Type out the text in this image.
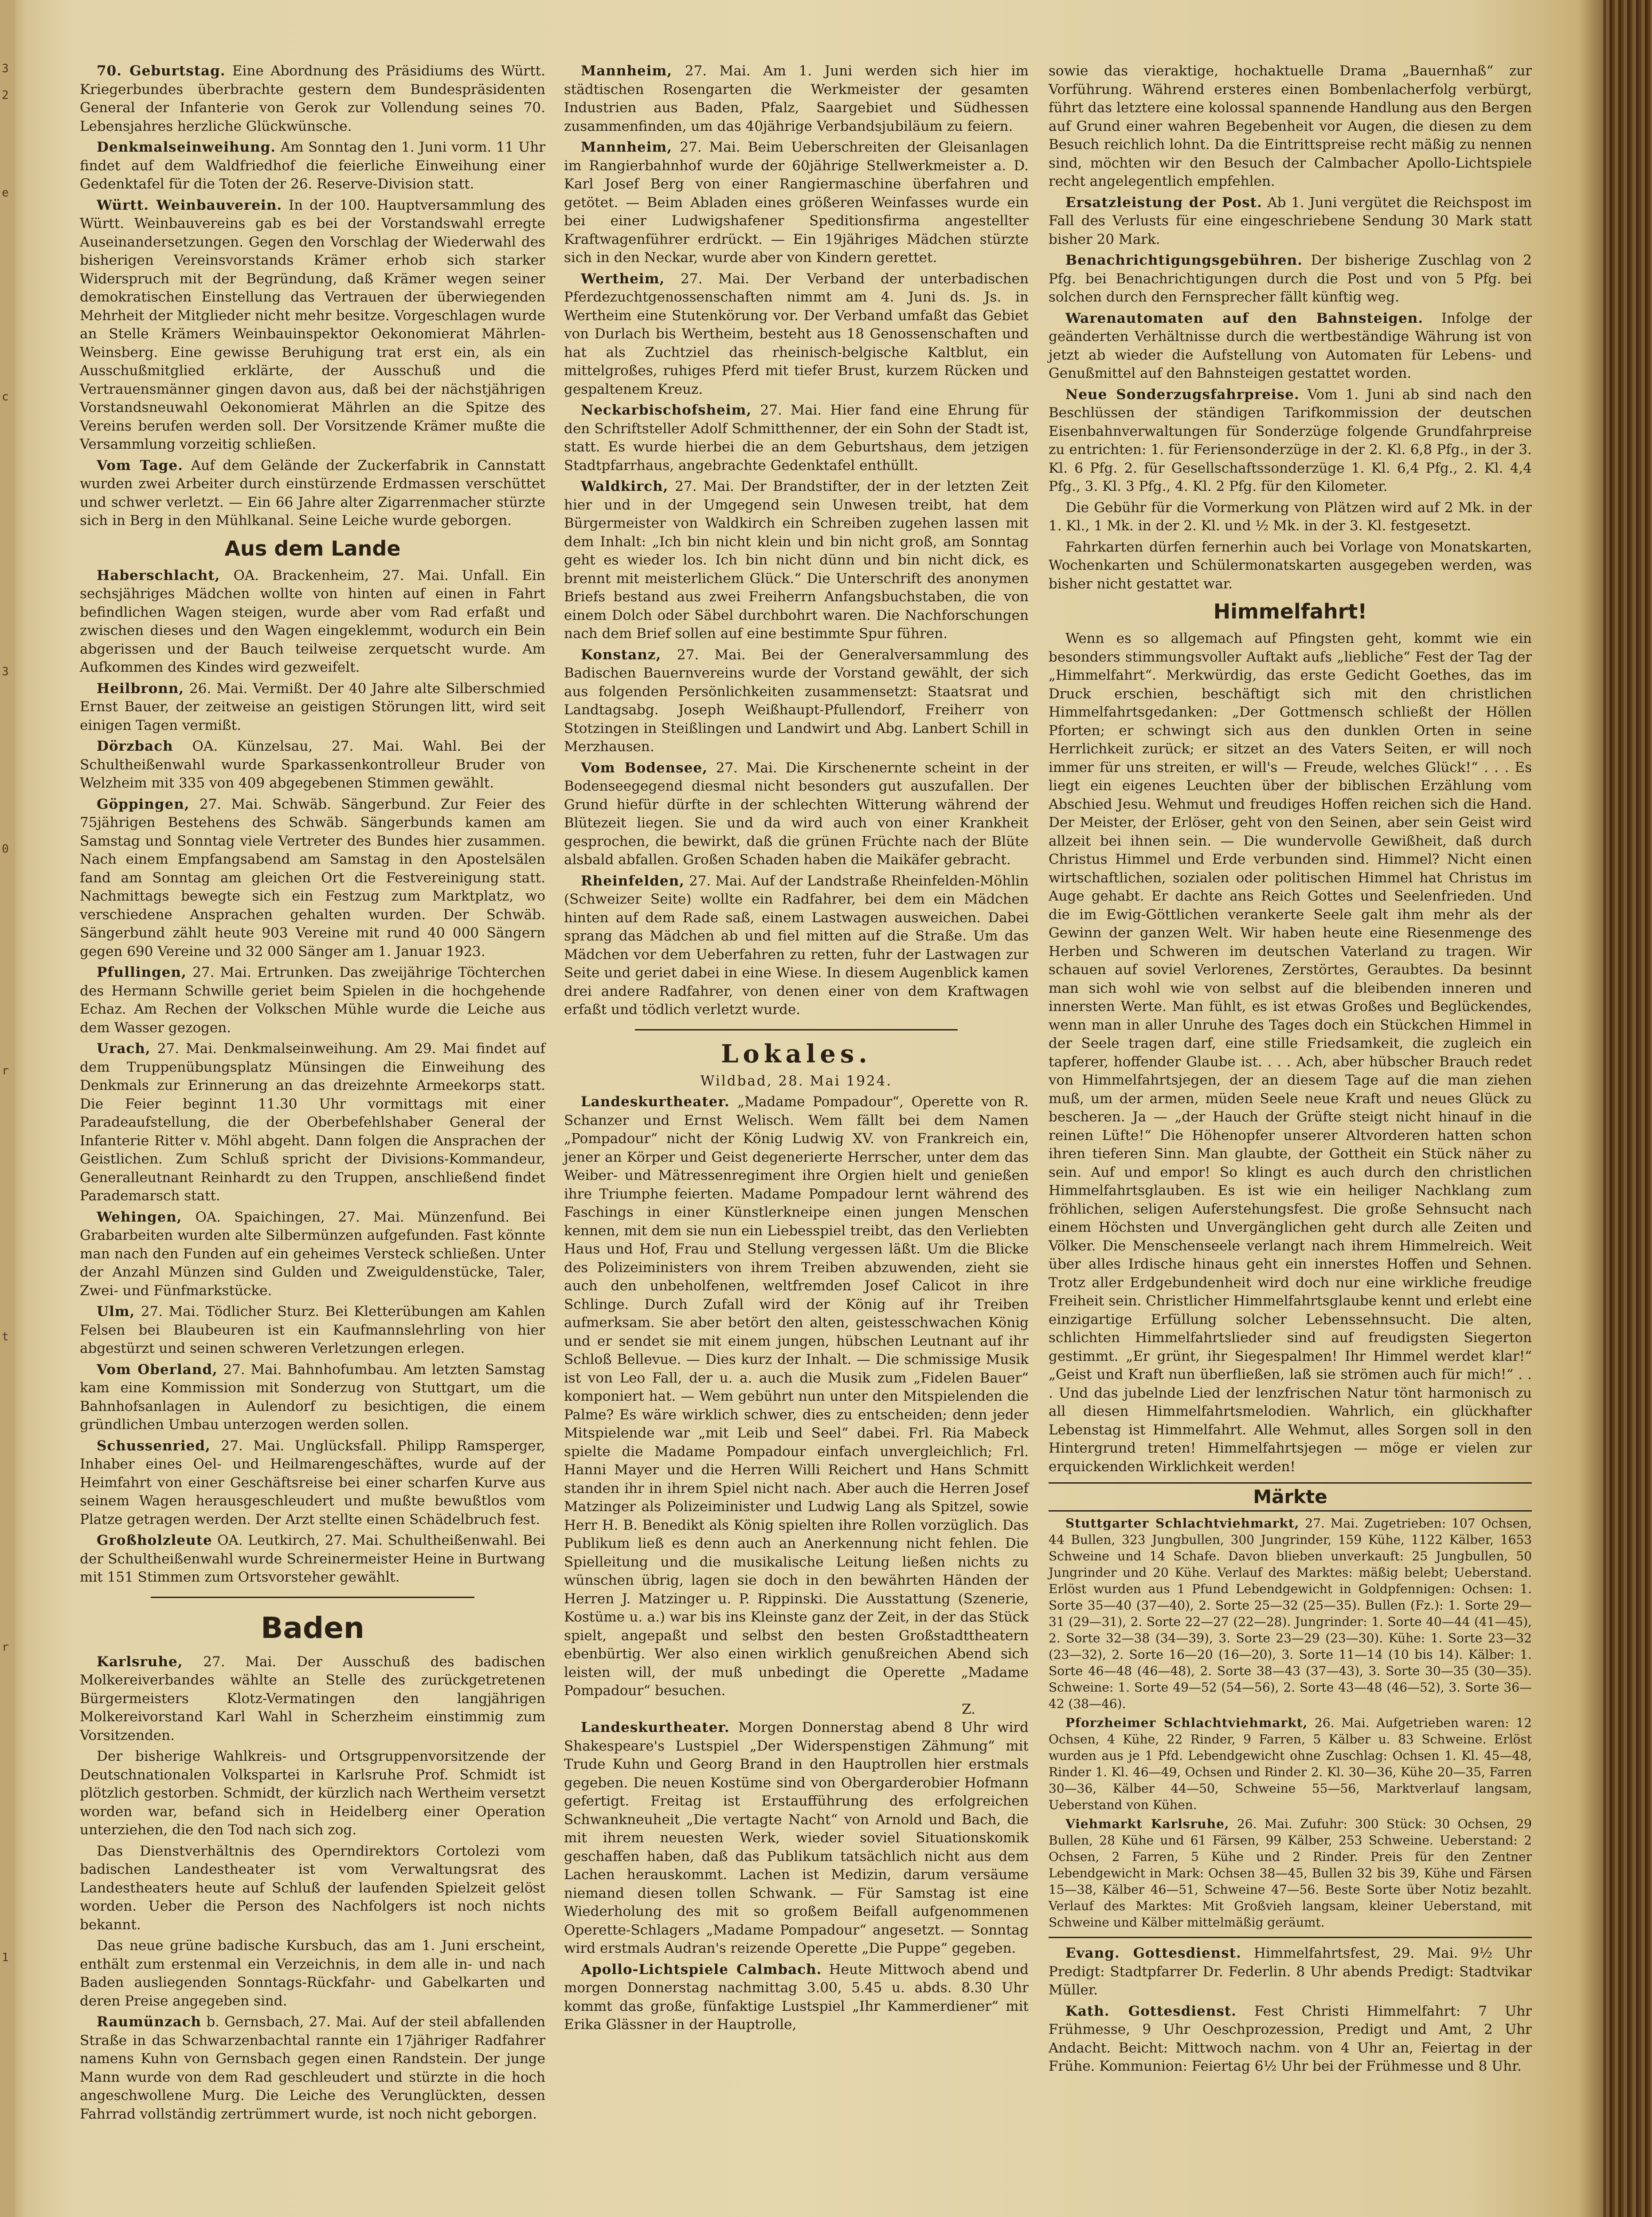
3
2
e
c
3
0
r
t
r
1

70. Geburtstag. Eine Abordnung des Präsidiums des Württ. Kriegerbundes überbrachte gestern dem Bundespräsidenten General der Infanterie von Gerok zur Vollendung seines 70. Lebensjahres herzliche Glückwünsche.

Denkmalseinweihung. Am Sonntag den 1. Juni vorm. 11 Uhr findet auf dem Waldfriedhof die feierliche Einweihung einer Gedenktafel für die Toten der 26. Reserve-Division statt.

Württ. Weinbauverein. In der 100. Hauptversammlung des Württ. Weinbauvereins gab es bei der Vorstandswahl erregte Auseinandersetzungen. Gegen den Vorschlag der Wiederwahl des bisherigen Vereinsvorstands Krämer erhob sich starker Widerspruch mit der Begründung, daß Krämer wegen seiner demokratischen Einstellung das Vertrauen der überwiegenden Mehrheit der Mitglieder nicht mehr besitze. Vorgeschlagen wurde an Stelle Krämers Weinbauinspektor Oekonomierat Mährlen-Weinsberg. Eine gewisse Beruhigung trat erst ein, als ein Ausschußmitglied erklärte, der Ausschuß und die Vertrauensmänner gingen davon aus, daß bei der nächstjährigen Vorstandsneuwahl Oekonomierat Mährlen an die Spitze des Vereins berufen werden soll. Der Vorsitzende Krämer mußte die Versammlung vorzeitig schließen.

Vom Tage. Auf dem Gelände der Zuckerfabrik in Cannstatt wurden zwei Arbeiter durch einstürzende Erdmassen verschüttet und schwer verletzt. — Ein 66 Jahre alter Zigarrenmacher stürzte sich in Berg in den Mühlkanal. Seine Leiche wurde geborgen.

Aus dem Lande

Haberschlacht, OA. Brackenheim, 27. Mai. Unfall. Ein sechsjähriges Mädchen wollte von hinten auf einen in Fahrt befindlichen Wagen steigen, wurde aber vom Rad erfaßt und zwischen dieses und den Wagen eingeklemmt, wodurch ein Bein abgerissen und der Bauch teilweise zerquetscht wurde. Am Aufkommen des Kindes wird gezweifelt.

Heilbronn, 26. Mai. Vermißt. Der 40 Jahre alte Silberschmied Ernst Bauer, der zeitweise an geistigen Störungen litt, wird seit einigen Tagen vermißt.

Dörzbach OA. Künzelsau, 27. Mai. Wahl. Bei der Schultheißenwahl wurde Sparkassenkontrolleur Bruder von Welzheim mit 335 von 409 abgegebenen Stimmen gewählt.

Göppingen, 27. Mai. Schwäb. Sängerbund. Zur Feier des 75jährigen Bestehens des Schwäb. Sängerbunds kamen am Samstag und Sonntag viele Vertreter des Bundes hier zusammen. Nach einem Empfangsabend am Samstag in den Apostelsälen fand am Sonntag am gleichen Ort die Festvereinigung statt. Nachmittags bewegte sich ein Festzug zum Marktplatz, wo verschiedene Ansprachen gehalten wurden. Der Schwäb. Sängerbund zählt heute 903 Vereine mit rund 40 000 Sängern gegen 690 Vereine und 32 000 Sänger am 1. Januar 1923.

Pfullingen, 27. Mai. Ertrunken. Das zweijährige Töchterchen des Hermann Schwille geriet beim Spielen in die hochgehende Echaz. Am Rechen der Volkschen Mühle wurde die Leiche aus dem Wasser gezogen.

Urach, 27. Mai. Denkmalseinweihung. Am 29. Mai findet auf dem Truppenübungsplatz Münsingen die Einweihung des Denkmals zur Erinnerung an das dreizehnte Armeekorps statt. Die Feier beginnt 11.30 Uhr vormittags mit einer Paradeaufstellung, die der Oberbefehlshaber General der Infanterie Ritter v. Möhl abgeht. Dann folgen die Ansprachen der Geistlichen. Zum Schluß spricht der Divisions-Kommandeur, Generalleutnant Reinhardt zu den Truppen, anschließend findet Parademarsch statt.

Wehingen, OA. Spaichingen, 27. Mai. Münzenfund. Bei Grabarbeiten wurden alte Silbermünzen aufgefunden. Fast könnte man nach den Funden auf ein geheimes Versteck schließen. Unter der Anzahl Münzen sind Gulden und Zweiguldenstücke, Taler, Zwei- und Fünfmarkstücke.

Ulm, 27. Mai. Tödlicher Sturz. Bei Kletterübungen am Kahlen Felsen bei Blaubeuren ist ein Kaufmannslehrling von hier abgestürzt und seinen schweren Verletzungen erlegen.

Vom Oberland, 27. Mai. Bahnhofumbau. Am letzten Samstag kam eine Kommission mit Sonderzug von Stuttgart, um die Bahnhofsanlagen in Aulendorf zu besichtigen, die einem gründlichen Umbau unterzogen werden sollen.

Schussenried, 27. Mai. Unglücksfall. Philipp Ramsperger, Inhaber eines Oel- und Heilmarengeschäftes, wurde auf der Heimfahrt von einer Geschäftsreise bei einer scharfen Kurve aus seinem Wagen herausgeschleudert und mußte bewußtlos vom Platze getragen werden. Der Arzt stellte einen Schädelbruch fest.

Großholzleute OA. Leutkirch, 27. Mai. Schultheißenwahl. Bei der Schultheißenwahl wurde Schreinermeister Heine in Burtwang mit 151 Stimmen zum Ortsvorsteher gewählt.

Baden

Karlsruhe, 27. Mai. Der Ausschuß des badischen Molkereiverbandes wählte an Stelle des zurückgetretenen Bürgermeisters Klotz-Vermatingen den langjährigen Molkereivorstand Karl Wahl in Scherzheim einstimmig zum Vorsitzenden.

Der bisherige Wahlkreis- und Ortsgruppenvorsitzende der Deutschnationalen Volkspartei in Karlsruhe Prof. Schmidt ist plötzlich gestorben. Schmidt, der kürzlich nach Wertheim versetzt worden war, befand sich in Heidelberg einer Operation unterziehen, die den Tod nach sich zog.

Das Dienstverhältnis des Operndirektors Cortolezi vom badischen Landestheater ist vom Verwaltungsrat des Landestheaters heute auf Schluß der laufenden Spielzeit gelöst worden. Ueber die Person des Nachfolgers ist noch nichts bekannt.

Das neue grüne badische Kursbuch, das am 1. Juni erscheint, enthält zum erstenmal ein Verzeichnis, in dem alle in- und nach Baden ausliegenden Sonntags-Rückfahr- und Gabelkarten und deren Preise angegeben sind.

Raumünzach b. Gernsbach, 27. Mai. Auf der steil abfallenden Straße in das Schwarzenbachtal rannte ein 17jähriger Radfahrer namens Kuhn von Gernsbach gegen einen Randstein. Der junge Mann wurde von dem Rad geschleudert und stürzte in die hoch angeschwollene Murg. Die Leiche des Verunglückten, dessen Fahrrad vollständig zertrümmert wurde, ist noch nicht geborgen.

Mannheim, 27. Mai. Am 1. Juni werden sich hier im städtischen Rosengarten die Werkmeister der gesamten Industrien aus Baden, Pfalz, Saargebiet und Südhessen zusammenfinden, um das 40jährige Verbandsjubiläum zu feiern.

Mannheim, 27. Mai. Beim Ueberschreiten der Gleisanlagen im Rangierbahnhof wurde der 60jährige Stellwerkmeister a. D. Karl Josef Berg von einer Rangiermaschine überfahren und getötet. — Beim Abladen eines größeren Weinfasses wurde ein bei einer Ludwigshafener Speditionsfirma angestellter Kraftwagenführer erdrückt. — Ein 19jähriges Mädchen stürzte sich in den Neckar, wurde aber von Kindern gerettet.

Wertheim, 27. Mai. Der Verband der unterbadischen Pferdezuchtgenossenschaften nimmt am 4. Juni ds. Js. in Wertheim eine Stutenkörung vor. Der Verband umfaßt das Gebiet von Durlach bis Wertheim, besteht aus 18 Genossenschaften und hat als Zuchtziel das rheinisch-belgische Kaltblut, ein mittelgroßes, ruhiges Pferd mit tiefer Brust, kurzem Rücken und gespaltenem Kreuz.

Neckarbischofsheim, 27. Mai. Hier fand eine Ehrung für den Schriftsteller Adolf Schmitthenner, der ein Sohn der Stadt ist, statt. Es wurde hierbei die an dem Geburtshaus, dem jetzigen Stadtpfarrhaus, angebrachte Gedenktafel enthüllt.

Waldkirch, 27. Mai. Der Brandstifter, der in der letzten Zeit hier und in der Umgegend sein Unwesen treibt, hat dem Bürgermeister von Waldkirch ein Schreiben zugehen lassen mit dem Inhalt: „Ich bin nicht klein und bin nicht groß, am Sonntag geht es wieder los. Ich bin nicht dünn und bin nicht dick, es brennt mit meisterlichem Glück.“ Die Unterschrift des anonymen Briefs bestand aus zwei Freiherrn Anfangsbuchstaben, die von einem Dolch oder Säbel durchbohrt waren. Die Nachforschungen nach dem Brief sollen auf eine bestimmte Spur führen.

Konstanz, 27. Mai. Bei der Generalversammlung des Badischen Bauernvereins wurde der Vorstand gewählt, der sich aus folgenden Persönlichkeiten zusammensetzt: Staatsrat und Landtagsabg. Joseph Weißhaupt-Pfullendorf, Freiherr von Stotzingen in Steißlingen und Landwirt und Abg. Lanbert Schill in Merzhausen.

Vom Bodensee, 27. Mai. Die Kirschenernte scheint in der Bodenseegegend diesmal nicht besonders gut auszufallen. Der Grund hiefür dürfte in der schlechten Witterung während der Blütezeit liegen. Sie und da wird auch von einer Krankheit gesprochen, die bewirkt, daß die grünen Früchte nach der Blüte alsbald abfallen. Großen Schaden haben die Maikäfer gebracht.

Rheinfelden, 27. Mai. Auf der Landstraße Rheinfelden-Möhlin (Schweizer Seite) wollte ein Radfahrer, bei dem ein Mädchen hinten auf dem Rade saß, einem Lastwagen ausweichen. Dabei sprang das Mädchen ab und fiel mitten auf die Straße. Um das Mädchen vor dem Ueberfahren zu retten, fuhr der Lastwagen zur Seite und geriet dabei in eine Wiese. In diesem Augenblick kamen drei andere Radfahrer, von denen einer von dem Kraftwagen erfaßt und tödlich verletzt wurde.

Lokales.
Wildbad, 28. Mai 1924.

Landeskurtheater. „Madame Pompadour“, Operette von R. Schanzer und Ernst Welisch. Wem fällt bei dem Namen „Pompadour“ nicht der König Ludwig XV. von Frankreich ein, jener an Körper und Geist degenerierte Herrscher, unter dem das Weiber- und Mätressenregiment ihre Orgien hielt und genießen ihre Triumphe feierten. Madame Pompadour lernt während des Faschings in einer Künstlerkneipe einen jungen Menschen kennen, mit dem sie nun ein Liebesspiel treibt, das den Verliebten Haus und Hof, Frau und Stellung vergessen läßt. Um die Blicke des Polizeiministers von ihrem Treiben abzuwenden, zieht sie auch den unbeholfenen, weltfremden Josef Calicot in ihre Schlinge. Durch Zufall wird der König auf ihr Treiben aufmerksam. Sie aber betört den alten, geistesschwachen König und er sendet sie mit einem jungen, hübschen Leutnant auf ihr Schloß Bellevue. — Dies kurz der Inhalt. — Die schmissige Musik ist von Leo Fall, der u. a. auch die Musik zum „Fidelen Bauer“ komponiert hat. — Wem gebührt nun unter den Mitspielenden die Palme? Es wäre wirklich schwer, dies zu entscheiden; denn jeder Mitspielende war „mit Leib und Seel“ dabei. Frl. Ria Mabeck spielte die Madame Pompadour einfach unvergleichlich; Frl. Hanni Mayer und die Herren Willi Reichert und Hans Schmitt standen ihr in ihrem Spiel nicht nach. Aber auch die Herren Josef Matzinger als Polizeiminister und Ludwig Lang als Spitzel, sowie Herr H. B. Benedikt als König spielten ihre Rollen vorzüglich. Das Publikum ließ es denn auch an Anerkennung nicht fehlen. Die Spielleitung und die musikalische Leitung ließen nichts zu wünschen übrig, lagen sie doch in den bewährten Händen der Herren J. Matzinger u. P. Rippinski. Die Ausstattung (Szenerie, Kostüme u. a.) war bis ins Kleinste ganz der Zeit, in der das Stück spielt, angepaßt und selbst den besten Großstadttheatern ebenbürtig. Wer also einen wirklich genußreichen Abend sich leisten will, der muß unbedingt die Operette „Madame Pompadour“ besuchen.

Z.

Landeskurtheater. Morgen Donnerstag abend 8 Uhr wird Shakespeare's Lustspiel „Der Widerspenstigen Zähmung“ mit Trude Kuhn und Georg Brand in den Hauptrollen hier erstmals gegeben. Die neuen Kostüme sind von Obergarderobier Hofmann gefertigt. Freitag ist Erstaufführung des erfolgreichen Schwankneuheit „Die vertagte Nacht“ von Arnold und Bach, die mit ihrem neuesten Werk, wieder soviel Situationskomik geschaffen haben, daß das Publikum tatsächlich nicht aus dem Lachen herauskommt. Lachen ist Medizin, darum versäume niemand diesen tollen Schwank. — Für Samstag ist eine Wiederholung des mit so großem Beifall aufgenommenen Operette-Schlagers „Madame Pompadour“ angesetzt. — Sonntag wird erstmals Audran's reizende Operette „Die Puppe“ gegeben.

Apollo-Lichtspiele Calmbach. Heute Mittwoch abend und morgen Donnerstag nachmittag 3.00, 5.45 u. abds. 8.30 Uhr kommt das große, fünfaktige Lustspiel „Ihr Kammerdiener“ mit Erika Glässner in der Hauptrolle,

sowie das vieraktige, hochaktuelle Drama „Bauernhaß“ zur Vorführung. Während ersteres einen Bombenlacherfolg verbürgt, führt das letztere eine kolossal spannende Handlung aus den Bergen auf Grund einer wahren Begebenheit vor Augen, die diesen zu dem Besuch reichlich lohnt. Da die Eintrittspreise recht mäßig zu nennen sind, möchten wir den Besuch der Calmbacher Apollo-Lichtspiele recht angelegentlich empfehlen.

Ersatzleistung der Post. Ab 1. Juni vergütet die Reichspost im Fall des Verlusts für eine eingeschriebene Sendung 30 Mark statt bisher 20 Mark.

Benachrichtigungsgebühren. Der bisherige Zuschlag von 2 Pfg. bei Benachrichtigungen durch die Post und von 5 Pfg. bei solchen durch den Fernsprecher fällt künftig weg.

Warenautomaten auf den Bahnsteigen. Infolge der geänderten Verhältnisse durch die wertbeständige Währung ist von jetzt ab wieder die Aufstellung von Automaten für Lebens- und Genußmittel auf den Bahnsteigen gestattet worden.

Neue Sonderzugsfahrpreise. Vom 1. Juni ab sind nach den Beschlüssen der ständigen Tarifkommission der deutschen Eisenbahnverwaltungen für Sonderzüge folgende Grundfahrpreise zu entrichten: 1. für Feriensonderzüge in der 2. Kl. 6,8 Pfg., in der 3. Kl. 6 Pfg. 2. für Gesellschaftssonderzüge 1. Kl. 6,4 Pfg., 2. Kl. 4,4 Pfg., 3. Kl. 3 Pfg., 4. Kl. 2 Pfg. für den Kilometer.

Die Gebühr für die Vormerkung von Plätzen wird auf 2 Mk. in der 1. Kl., 1 Mk. in der 2. Kl. und ½ Mk. in der 3. Kl. festgesetzt.

Fahrkarten dürfen fernerhin auch bei Vorlage von Monatskarten, Wochenkarten und Schülermonatskarten ausgegeben werden, was bisher nicht gestattet war.

Himmelfahrt!

Wenn es so allgemach auf Pfingsten geht, kommt wie ein besonders stimmungsvoller Auftakt aufs „liebliche“ Fest der Tag der „Himmelfahrt“. Merkwürdig, das erste Gedicht Goethes, das im Druck erschien, beschäftigt sich mit den christlichen Himmelfahrtsgedanken: „Der Gottmensch schließt der Höllen Pforten; er schwingt sich aus den dunklen Orten in seine Herrlichkeit zurück; er sitzet an des Vaters Seiten, er will noch immer für uns streiten, er will's — Freude, welches Glück!“ . . . Es liegt ein eigenes Leuchten über der biblischen Erzählung vom Abschied Jesu. Wehmut und freudiges Hoffen reichen sich die Hand. Der Meister, der Erlöser, geht von den Seinen, aber sein Geist wird allzeit bei ihnen sein. — Die wundervolle Gewißheit, daß durch Christus Himmel und Erde verbunden sind. Himmel? Nicht einen wirtschaftlichen, sozialen oder politischen Himmel hat Christus im Auge gehabt. Er dachte ans Reich Gottes und Seelenfrieden. Und die im Ewig-Göttlichen verankerte Seele galt ihm mehr als der Gewinn der ganzen Welt. Wir haben heute eine Riesenmenge des Herben und Schweren im deutschen Vaterland zu tragen. Wir schauen auf soviel Verlorenes, Zerstörtes, Geraubtes. Da besinnt man sich wohl wie von selbst auf die bleibenden inneren und innersten Werte. Man fühlt, es ist etwas Großes und Beglückendes, wenn man in aller Unruhe des Tages doch ein Stückchen Himmel in der Seele tragen darf, eine stille Friedsamkeit, die zugleich ein tapferer, hoffender Glaube ist. . . . Ach, aber hübscher Brauch redet von Himmelfahrtsjegen, der an diesem Tage auf die man ziehen muß, um der armen, müden Seele neue Kraft und neues Glück zu bescheren. Ja — „der Hauch der Grüfte steigt nicht hinauf in die reinen Lüfte!“ Die Höhenopfer unserer Altvorderen hatten schon ihren tieferen Sinn. Man glaubte, der Gottheit ein Stück näher zu sein. Auf und empor! So klingt es auch durch den christlichen Himmelfahrtsglauben. Es ist wie ein heiliger Nachklang zum fröhlichen, seligen Auferstehungsfest. Die große Sehnsucht nach einem Höchsten und Unvergänglichen geht durch alle Zeiten und Völker. Die Menschenseele verlangt nach ihrem Himmelreich. Weit über alles Irdische hinaus geht ein innerstes Hoffen und Sehnen. Trotz aller Erdgebundenheit wird doch nur eine wirkliche freudige Freiheit sein. Christlicher Himmelfahrtsglaube kennt und erlebt eine einzigartige Erfüllung solcher Lebenssehnsucht. Die alten, schlichten Himmelfahrtslieder sind auf freudigsten Siegerton gestimmt. „Er grünt, ihr Siegespalmen! Ihr Himmel werdet klar!“ „Geist und Kraft nun überfließen, laß sie strömen auch für mich!“ . . . Und das jubelnde Lied der lenzfrischen Natur tönt harmonisch zu all diesen Himmelfahrtsmelodien. Wahrlich, ein glückhafter Lebenstag ist Himmelfahrt. Alle Wehmut, alles Sorgen soll in den Hintergrund treten! Himmelfahrtsjegen — möge er vielen zur erquickenden Wirklichkeit werden!

Märkte

Stuttgarter Schlachtviehmarkt, 27. Mai. Zugetrieben: 107 Ochsen, 44 Bullen, 323 Jungbullen, 300 Jungrinder, 159 Kühe, 1122 Kälber, 1653 Schweine und 14 Schafe. Davon blieben unverkauft: 25 Jungbullen, 50 Jungrinder und 20 Kühe. Verlauf des Marktes: mäßig belebt; Ueberstand. Erlöst wurden aus 1 Pfund Lebendgewicht in Goldpfennigen: Ochsen: 1. Sorte 35—40 (37—40), 2. Sorte 25—32 (25—35). Bullen (Fz.): 1. Sorte 29—31 (29—31), 2. Sorte 22—27 (22—28). Jungrinder: 1. Sorte 40—44 (41—45), 2. Sorte 32—38 (34—39), 3. Sorte 23—29 (23—30). Kühe: 1. Sorte 23—32 (23—32), 2. Sorte 16—20 (16—20), 3. Sorte 11—14 (10 bis 14). Kälber: 1. Sorte 46—48 (46—48), 2. Sorte 38—43 (37—43), 3. Sorte 30—35 (30—35). Schweine: 1. Sorte 49—52 (54—56), 2. Sorte 43—48 (46—52), 3. Sorte 36—42 (38—46).

Pforzheimer Schlachtviehmarkt, 26. Mai. Aufgetrieben waren: 12 Ochsen, 4 Kühe, 22 Rinder, 9 Farren, 5 Kälber u. 83 Schweine. Erlöst wurden aus je 1 Pfd. Lebendgewicht ohne Zuschlag: Ochsen 1. Kl. 45—48, Rinder 1. Kl. 46—49, Ochsen und Rinder 2. Kl. 30—36, Kühe 20—35, Farren 30—36, Kälber 44—50, Schweine 55—56, Marktverlauf langsam, Ueberstand von Kühen.

Viehmarkt Karlsruhe, 26. Mai. Zufuhr: 300 Stück: 30 Ochsen, 29 Bullen, 28 Kühe und 61 Färsen, 99 Kälber, 253 Schweine. Ueberstand: 2 Ochsen, 2 Farren, 5 Kühe und 2 Rinder. Preis für den Zentner Lebendgewicht in Mark: Ochsen 38—45, Bullen 32 bis 39, Kühe und Färsen 15—38, Kälber 46—51, Schweine 47—56. Beste Sorte über Notiz bezahlt. Verlauf des Marktes: Mit Großvieh langsam, kleiner Ueberstand, mit Schweine und Kälber mittelmäßig geräumt.

Evang. Gottesdienst. Himmelfahrtsfest, 29. Mai. 9½ Uhr Predigt: Stadtpfarrer Dr. Federlin. 8 Uhr abends Predigt: Stadtvikar Müller.

Kath. Gottesdienst. Fest Christi Himmelfahrt: 7 Uhr Frühmesse, 9 Uhr Oeschprozession, Predigt und Amt, 2 Uhr Andacht. Beicht: Mittwoch nachm. von 4 Uhr an, Feiertag in der Frühe. Kommunion: Feiertag 6½ Uhr bei der Frühmesse und 8 Uhr.
